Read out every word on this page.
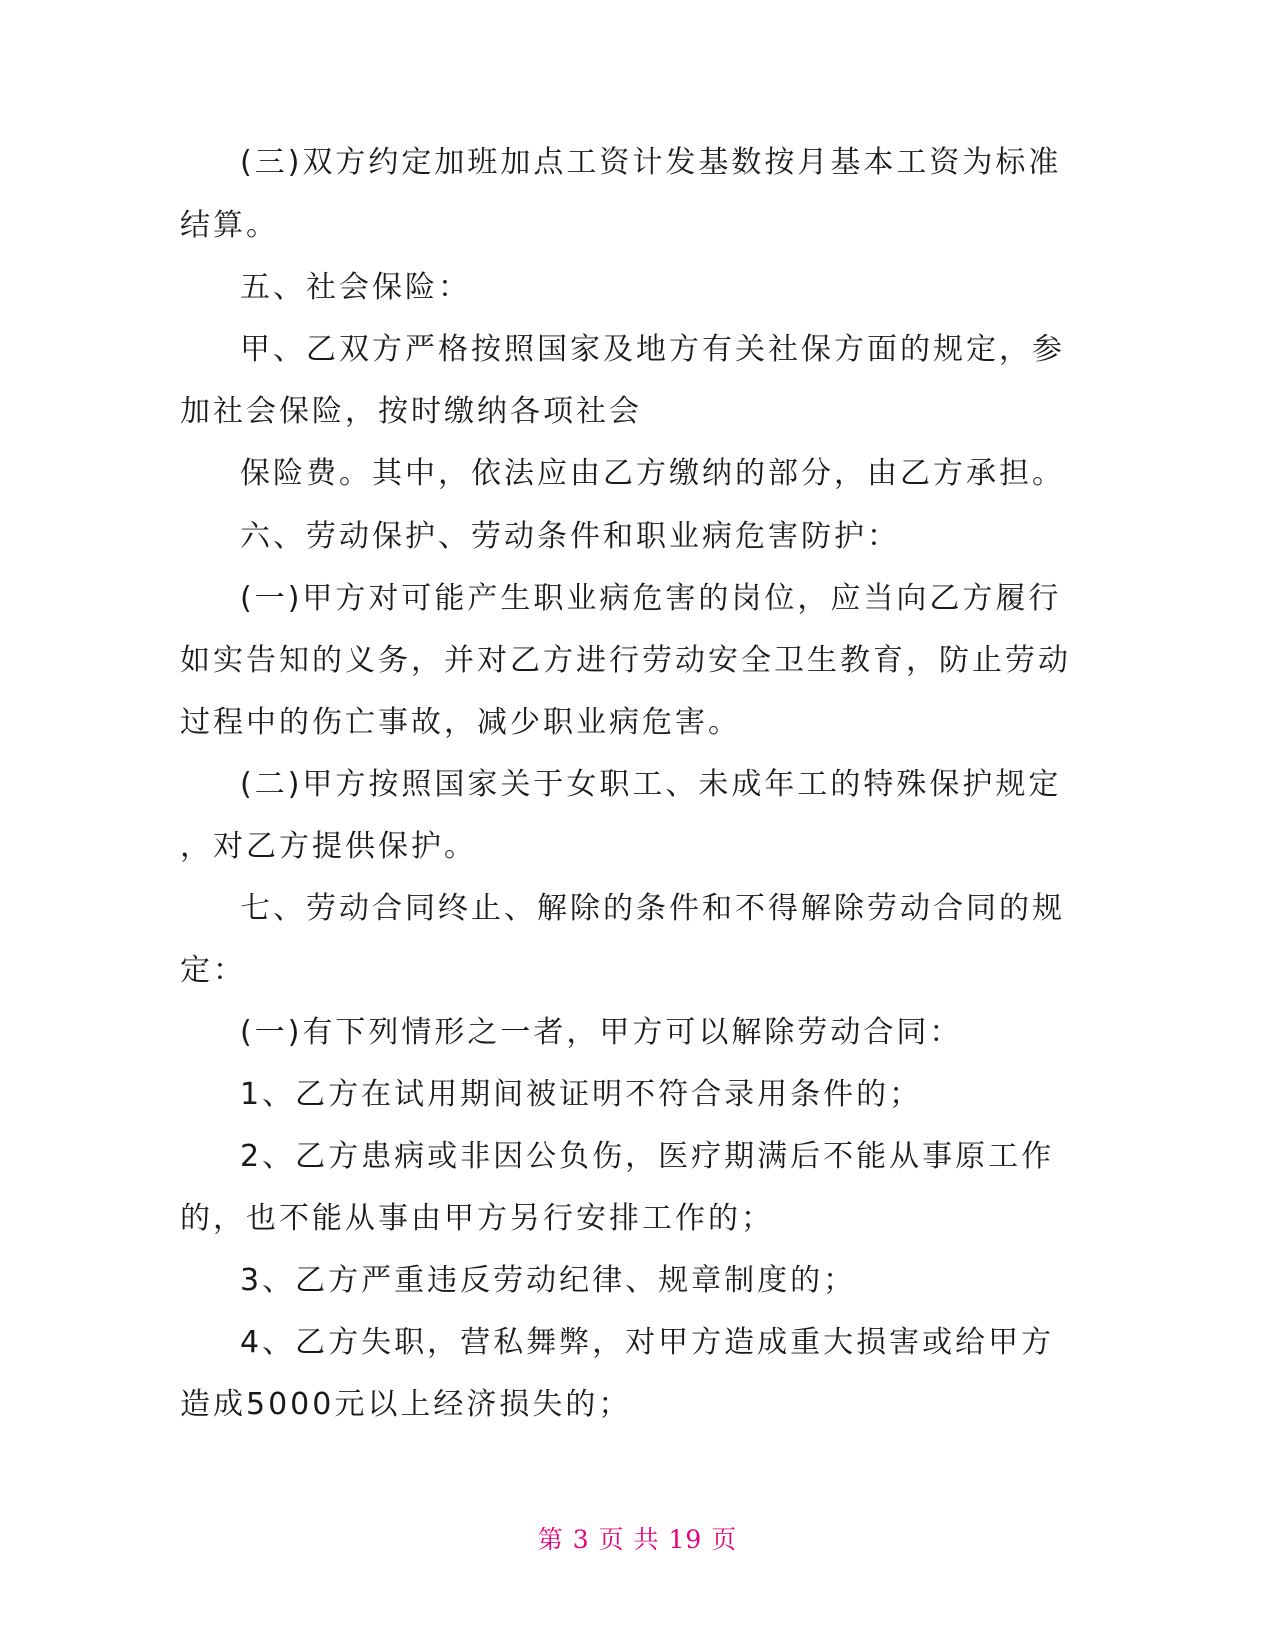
(三)双方约定加班加点工资计发基数按月基本工资为标准
结算。
五、社会保险：
甲、乙双方严格按照国家及地方有关社保方面的规定，参
加社会保险，按时缴纳各项社会
保险费。其中，依法应由乙方缴纳的部分，由乙方承担。
六、劳动保护、劳动条件和职业病危害防护：
(一)甲方对可能产生职业病危害的岗位，应当向乙方履行
如实告知的义务，并对乙方进行劳动安全卫生教育，防止劳动
过程中的伤亡事故，减少职业病危害。
(二)甲方按照国家关于女职工、未成年工的特殊保护规定
，对乙方提供保护。
七、劳动合同终止、解除的条件和不得解除劳动合同的规
定：
(一)有下列情形之一者，甲方可以解除劳动合同：
1、乙方在试用期间被证明不符合录用条件的；
2、乙方患病或非因公负伤，医疗期满后不能从事原工作
的，也不能从事由甲方另行安排工作的；
3、乙方严重违反劳动纪律、规章制度的；
4、乙方失职，营私舞弊，对甲方造成重大损害或给甲方
造成5000元以上经济损失的；
第 3 页 共 19 页
